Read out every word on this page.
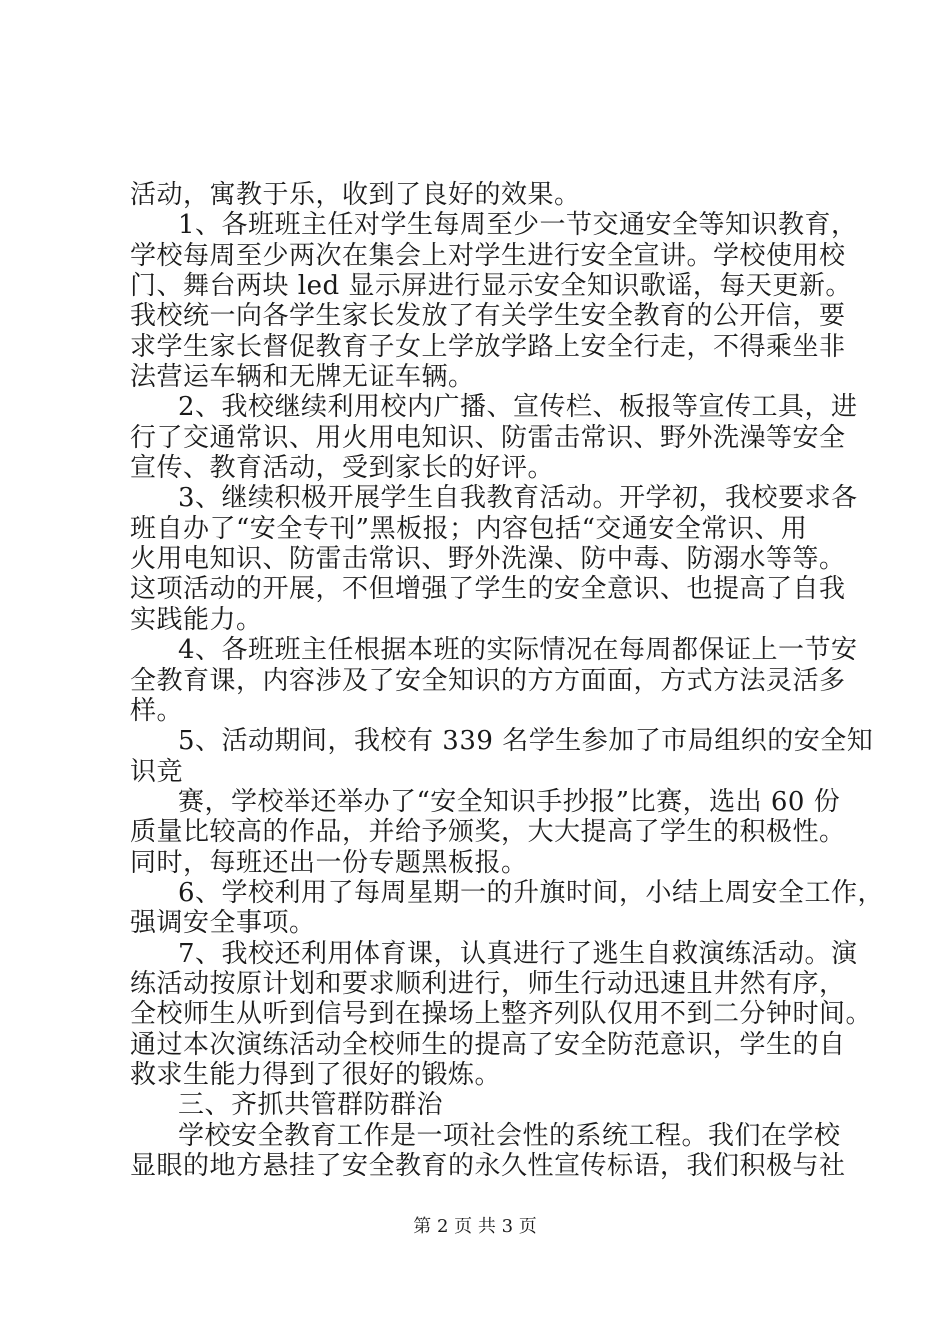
活动，寓教于乐，收到了良好的效果。
1、各班班主任对学生每周至少一节交通安全等知识教育，
学校每周至少两次在集会上对学生进行安全宣讲。学校使用校
门、舞台两块 led 显示屏进行显示安全知识歌谣，每天更新。
我校统一向各学生家长发放了有关学生安全教育的公开信，要
求学生家长督促教育子女上学放学路上安全行走，不得乘坐非
法营运车辆和无牌无证车辆。
2、我校继续利用校内广播、宣传栏、板报等宣传工具，进
行了交通常识、用火用电知识、防雷击常识、野外洗澡等安全
宣传、教育活动，受到家长的好评。
3、继续积极开展学生自我教育活动。开学初，我校要求各
班自办了“安全专刊”黑板报；内容包括“交通安全常识、用
火用电知识、防雷击常识、野外洗澡、防中毒、防溺水等等。
这项活动的开展，不但增强了学生的安全意识、也提高了自我
实践能力。
4、各班班主任根据本班的实际情况在每周都保证上一节安
全教育课，内容涉及了安全知识的方方面面，方式方法灵活多
样。
5、活动期间，我校有 339 名学生参加了市局组织的安全知
识竞
赛，学校举还举办了“安全知识手抄报”比赛，选出 60 份
质量比较高的作品，并给予颁奖，大大提高了学生的积极性。
同时，每班还出一份专题黑板报。
6、学校利用了每周星期一的升旗时间，小结上周安全工作，
强调安全事项。
7、我校还利用体育课，认真进行了逃生自救演练活动。演
练活动按原计划和要求顺利进行，师生行动迅速且井然有序，
全校师生从听到信号到在操场上整齐列队仅用不到二分钟时间。
通过本次演练活动全校师生的提高了安全防范意识，学生的自
救求生能力得到了很好的锻炼。
三、齐抓共管群防群治
学校安全教育工作是一项社会性的系统工程。我们在学校
显眼的地方悬挂了安全教育的永久性宣传标语，我们积极与社
第 2 页 共 3 页
